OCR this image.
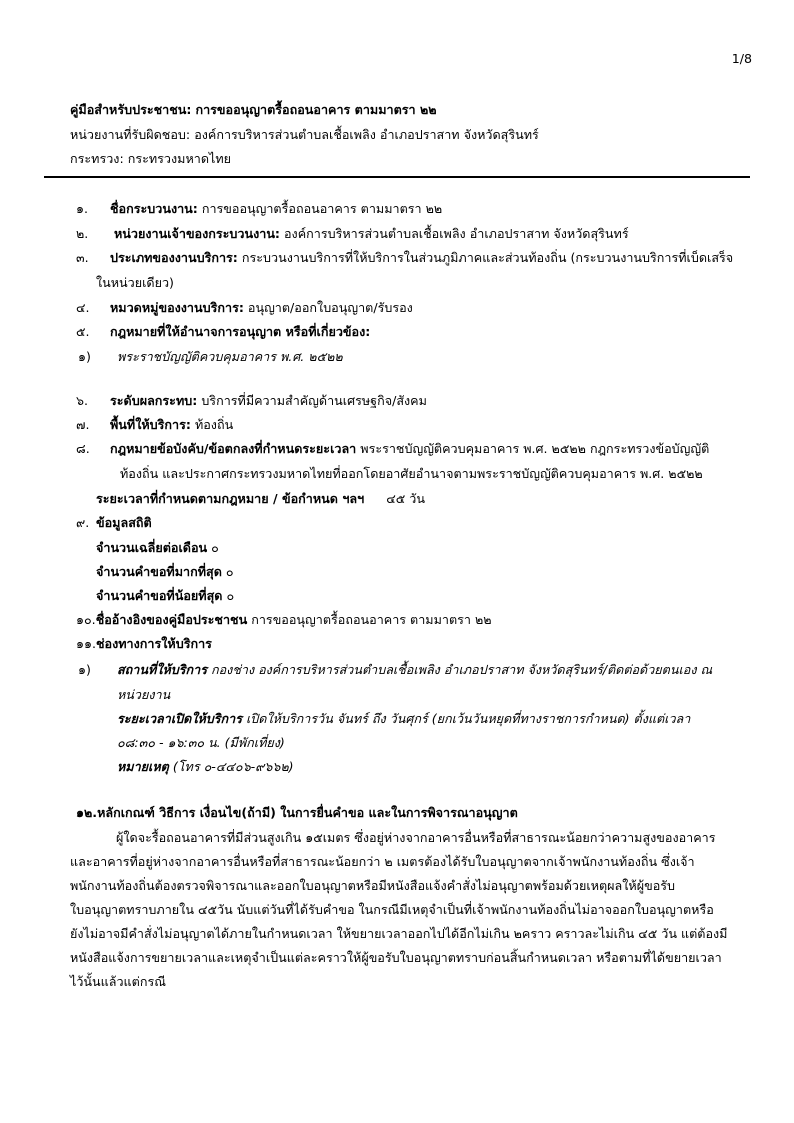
1/8
คู่มือสำหรับประชาชน: การขออนุญาตรื้อถอนอาคาร ตามมาตรา ๒๒
หน่วยงานที่รับผิดชอบ: องค์การบริหารส่วนตำบลเชื้อเพลิง อำเภอปราสาท จังหวัดสุรินทร์
กระทรวง: กระทรวงมหาดไทย
๑. ชื่อกระบวนงาน: การขออนุญาตรื้อถอนอาคาร ตามมาตรา ๒๒
๒. หน่วยงานเจ้าของกระบวนงาน: องค์การบริหารส่วนตำบลเชื้อเพลิง อำเภอปราสาท จังหวัดสุรินทร์
๓. ประเภทของงานบริการ: กระบวนงานบริการที่ให้บริการในส่วนภูมิภาคและส่วนท้องถิ่น (กระบวนงานบริการที่เบ็ดเสร็จ
ในหน่วยเดียว)
๔. หมวดหมู่ของงานบริการ: อนุญาต/ออกใบอนุญาต/รับรอง
๕. กฎหมายที่ให้อำนาจการอนุญาต หรือที่เกี่ยวข้อง:
๑) พระราชบัญญัติควบคุมอาคาร พ.ศ. ๒๕๒๒
๖. ระดับผลกระทบ: บริการที่มีความสำคัญด้านเศรษฐกิจ/สังคม
๗. พื้นที่ให้บริการ: ท้องถิ่น
๘. กฎหมายข้อบังคับ/ข้อตกลงที่กำหนดระยะเวลา พระราชบัญญัติควบคุมอาคาร พ.ศ. ๒๕๒๒ กฎกระทรวงข้อบัญญัติ
ท้องถิ่น และประกาศกระทรวงมหาดไทยที่ออกโดยอาศัยอำนาจตามพระราชบัญญัติควบคุมอาคาร พ.ศ. ๒๕๒๒
ระยะเวลาที่กำหนดตามกฎหมาย / ข้อกำหนด ฯลฯ ๔๕ วัน
๙. ข้อมูลสถิติ
จำนวนเฉลี่ยต่อเดือน ๐
จำนวนคำขอที่มากที่สุด ๐
จำนวนคำขอที่น้อยที่สุด ๐
๑๐.ชื่ออ้างอิงของคู่มือประชาชน การขออนุญาตรื้อถอนอาคาร ตามมาตรา ๒๒
๑๑.ช่องทางการให้บริการ
๑) สถานที่ให้บริการ กองช่าง องค์การบริหารส่วนตำบลเชื้อเพลิง อำเภอปราสาท จังหวัดสุรินทร์/ติดต่อด้วยตนเอง ณ
หน่วยงาน
ระยะเวลาเปิดให้บริการ เปิดให้บริการวัน จันทร์ ถึง วันศุกร์ (ยกเว้นวันหยุดที่ทางราชการกำหนด) ตั้งแต่เวลา
๐๘:๓๐ - ๑๖:๓๐ น. (มีพักเที่ยง)
หมายเหตุ (โทร ๐-๔๔๐๖-๙๖๖๒)
๑๒.หลักเกณฑ์ วิธีการ เงื่อนไข(ถ้ามี) ในการยื่นคำขอ และในการพิจารณาอนุญาต
ผู้ใดจะรื้อถอนอาคารที่มีส่วนสูงเกิน ๑๕เมตร ซึ่งอยู่ห่างจากอาคารอื่นหรือที่สาธารณะน้อยกว่าความสูงของอาคาร
และอาคารที่อยู่ห่างจากอาคารอื่นหรือที่สาธารณะน้อยกว่า ๒ เมตรต้องได้รับใบอนุญาตจากเจ้าพนักงานท้องถิ่น ซึ่งเจ้า
พนักงานท้องถิ่นต้องตรวจพิจารณาและออกใบอนุญาตหรือมีหนังสือแจ้งคำสั่งไม่อนุญาตพร้อมด้วยเหตุผลให้ผู้ขอรับ
ใบอนุญาตทราบภายใน ๔๕วัน นับแต่วันที่ได้รับคำขอ ในกรณีมีเหตุจำเป็นที่เจ้าพนักงานท้องถิ่นไม่อาจออกใบอนุญาตหรือ
ยังไม่อาจมีคำสั่งไม่อนุญาตได้ภายในกำหนดเวลา ให้ขยายเวลาออกไปได้อีกไม่เกิน ๒คราว คราวละไม่เกิน ๔๕ วัน แต่ต้องมี
หนังสือแจ้งการขยายเวลาและเหตุจำเป็นแต่ละคราวให้ผู้ขอรับใบอนุญาตทราบก่อนสิ้นกำหนดเวลา หรือตามที่ได้ขยายเวลา
ไว้นั้นแล้วแต่กรณี
